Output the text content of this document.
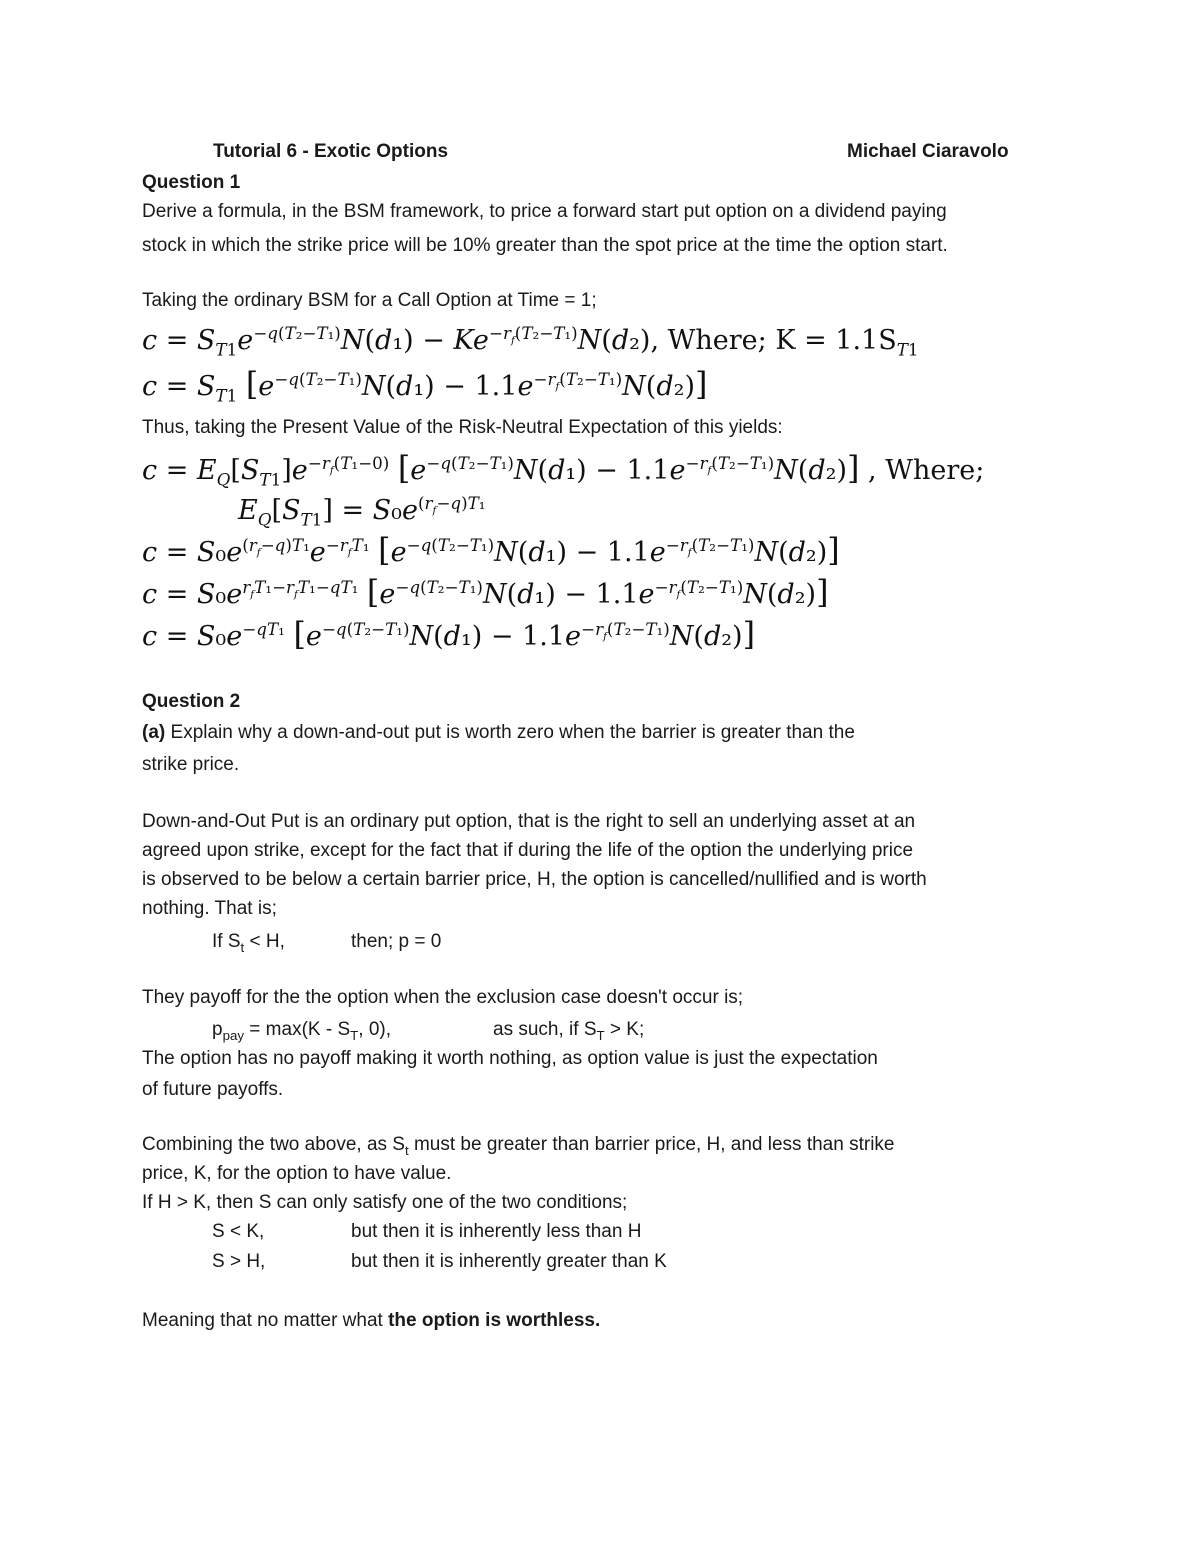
Tutorial 6 - Exotic Options	Michael Ciaravolo
Question 1
Derive a formula, in the BSM framework, to price a forward start put option on a dividend paying
stock in which the strike price will be 10% greater than the spot price at the time the option start.
Taking the ordinary BSM for a Call Option at Time = 1;
$c = S_{T1}e^{-q(T_2-T_1)}N(d_1) - Ke^{-r_f(T_2-T_1)}N(d_2)$, Where; $K = 1.1S_{T1}$
$c = S_{T1}$ $[e^{-q(T_2-T_1)}N(d_1) - 1.1e^{-r_f(T_2-T_1)}N(d_2)]$
Thus, taking the Present Value of the Risk-Neutral Expectation of this yields:
$c = E_Q[S_{T1}]e^{-r_f(T_1-0)}$ $[e^{-q(T_2-T_1)}N(d_1) - 1.1e^{-r_f(T_2-T_1)}N(d_2)]$ , Where;
$E_Q[S_{T1}] = S_0e^{(r_f-q)T_1}$
$c = S_0e^{(r_f-q)T_1}e^{-r_fT_1}$ $[e^{-q(T_2-T_1)}N(d_1) - 1.1e^{-r_f(T_2-T_1)}N(d_2)]$
$c = S_0e^{r_fT_1-r_fT_1-qT_1}$ $[e^{-q(T_2-T_1)}N(d_1) - 1.1e^{-r_f(T_2-T_1)}N(d_2)]$
$c = S_0e^{-qT_1}$ $[e^{-q(T_2-T_1)}N(d_1) - 1.1e^{-r_f(T_2-T_1)}N(d_2)]$
Question 2
(a) Explain why a down-and-out put is worth zero when the barrier is greater than the
strike price.
Down-and-Out Put is an ordinary put option, that is the right to sell an underlying asset at an
agreed upon strike, except for the fact that if during the life of the option the underlying price
is observed to be below a certain barrier price, H, the option is cancelled/nullified and is worth
nothing. That is;
If $S_t < H$,	then; p = 0
They payoff for the the option when the exclusion case doesn't occur is;
$p_{pay} = \max(K - S_T$, 0),	as such, if $S_T > K$;
The option has no payoff making it worth nothing, as option value is just the expectation
of future payoffs.
Combining the two above, as $S_t$ must be greater than barrier price, H, and less than strike
price, K, for the option to have value.
If H > K, then S can only satisfy one of the two conditions;
S < K,	but then it is inherently less than H
S > H,	but then it is inherently greater than K
Meaning that no matter what the option is worthless.
